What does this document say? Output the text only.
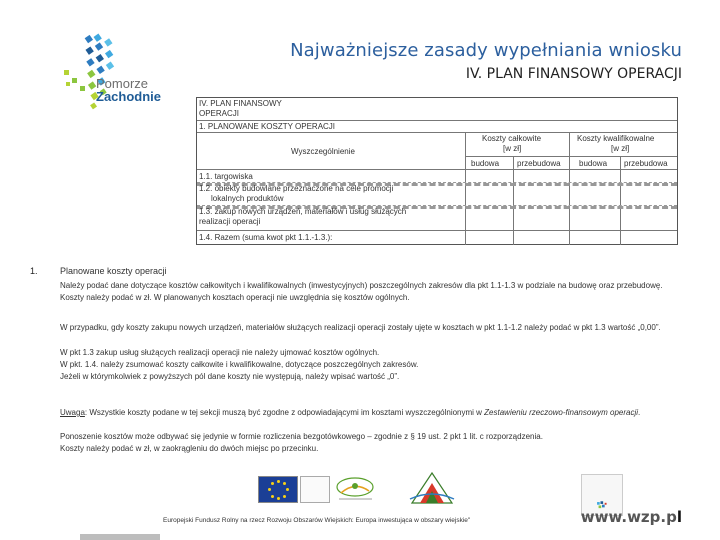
Pomorze
Zachodnie
Najważniejsze zasady wypełniania wniosku
IV. PLAN FINANSOWY OPERACJI
IV. PLAN FINANSOWY
OPERACJI
1. PLANOWANE KOSZTY OPERACJI
Wyszczególnienie
Koszty całkowite
[w zł]
Koszty kwalifikowalne
[w zł]
budowa przebudowa budowa przebudowa
1.1. targowiska
1.2. obiekty budowlane przeznaczone na cele promocji
lokalnych produktów
1.3. zakup nowych urządzeń, materiałów i usług służących
realizacji operacji
1.4. Razem (suma kwot pkt 1.1.-1.3.):
1. Planowane koszty operacji
Należy podać dane dotyczące kosztów całkowitych i kwalifikowalnych (inwestycyjnych) poszczególnych zakresów dla pkt 1.1-1.3 w podziale na budowę oraz przebudowę. Koszty należy podać w zł. W planowanych kosztach operacji nie uwzględnia się kosztów ogólnych.
W przypadku, gdy koszty zakupu nowych urządzeń, materiałów służących realizacji operacji zostały ujęte w kosztach w pkt 1.1-1.2 należy podać w pkt 1.3 wartość „0,00”.
W pkt 1.3 zakup usług służących realizacji operacji nie należy ujmować kosztów ogólnych.
W pkt. 1.4. należy zsumować koszty całkowite i kwalifikowalne, dotyczące poszczególnych zakresów.
Jeżeli w którymkolwiek z powyższych pól dane koszty nie występują, należy wpisać wartość „0”.
Uwaga: Wszystkie koszty podane w tej sekcji muszą być zgodne z odpowiadającymi im kosztami wyszczególnionymi w Zestawieniu rzeczowo-finansowym operacji.
Ponoszenie kosztów może odbywać się jedynie w formie rozliczenia bezgotówkowego – zgodnie z § 19 ust. 2 pkt 1 lit. c rozporządzenia.
Koszty należy podać w zł, w zaokrągleniu do dwóch miejsc po przecinku.
Europejski Fundusz Rolny na rzecz Rozwoju Obszarów Wiejskich: Europa inwestująca w obszary wiejskie"	www.wzp.pl
